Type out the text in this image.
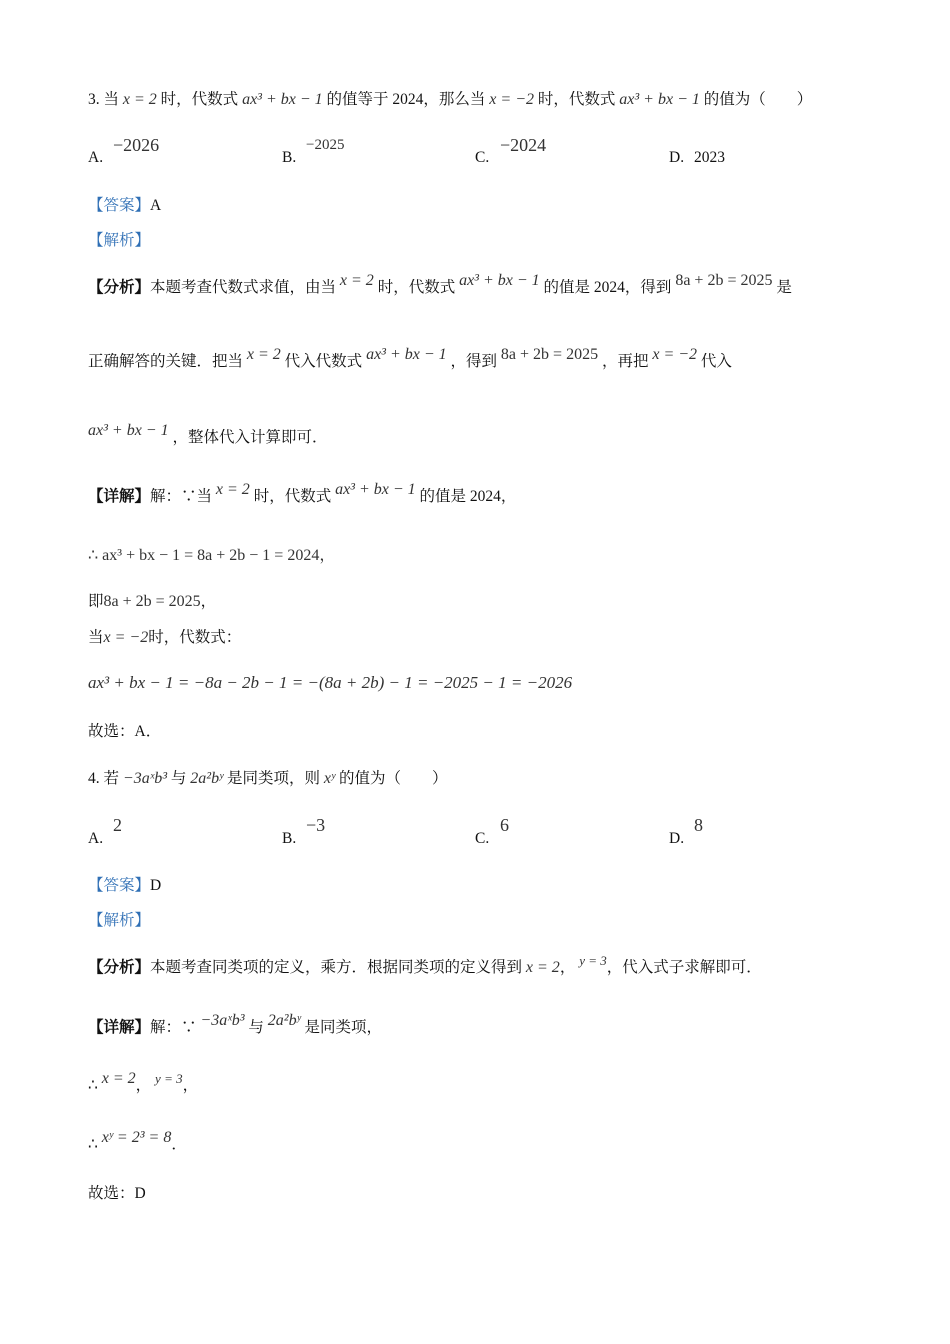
3. 当 x = 2 时，代数式 ax³ + bx − 1 的值等于 2024，那么当 x = −2 时，代数式 ax³ + bx − 1 的值为（　　）
A.
−2026
B.
−2025
C.
−2024
D. 2023
【答案】A
【解析】
【分析】本题考查代数式求值，由当 x = 2 时，代数式 ax³ + bx − 1 的值是 2024，得到 8a + 2b = 2025 是
正确解答的关键．把当 x = 2 代入代数式 ax³ + bx − 1 ，得到 8a + 2b = 2025 ，再把 x = −2 代入
ax³ + bx − 1 ，整体代入计算即可．
【详解】解：∵当 x = 2 时，代数式 ax³ + bx − 1 的值是 2024，
∴ ax³ + bx − 1 = 8a + 2b − 1 = 2024，
即8a + 2b = 2025，
当x = −2时，代数式：
ax³ + bx − 1 = −8a − 2b − 1 = −(8a + 2b) − 1 = −2025 − 1 = −2026
故选：A．
4. 若 −3aˣb³ 与 2a²bʸ 是同类项，则 xʸ 的值为（　　）
A.
2
B.
−3
C.
6
D.
8
【答案】D
【解析】
【分析】本题考查同类项的定义，乘方．根据同类项的定义得到 x = 2， $^{y = 3}$，代入式子求解即可．
【详解】解：∵ −3aˣb³ 与 2a²bʸ 是同类项，
∴ x = 2， $^{y = 3}$，
∴ xʸ = 2³ = 8．
故选：D
